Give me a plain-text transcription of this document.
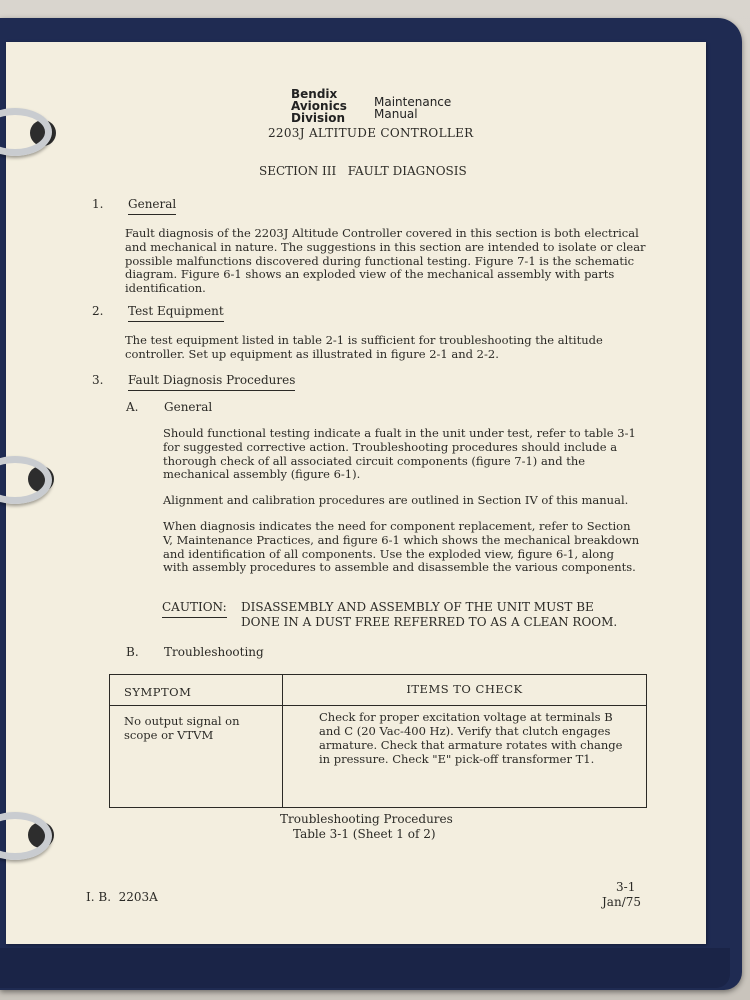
Bendix
Avionics
Division
Maintenance
Manual
2203J ALTITUDE CONTROLLER
SECTION III   FAULT DIAGNOSIS
1. General
Fault diagnosis of the 2203J Altitude Controller covered in this section is both electrical and mechanical in nature. The suggestions in this section are intended to isolate or clear possible malfunctions discovered during functional testing. Figure 7-1 is the schematic diagram. Figure 6-1 shows an exploded view of the mechanical assembly with parts identification.
2. Test Equipment
The test equipment listed in table 2-1 is sufficient for troubleshooting the altitude controller. Set up equipment as illustrated in figure 2-1 and 2-2.
3. Fault Diagnosis Procedures
A. General
Should functional testing indicate a fualt in the unit under test, refer to table 3-1 for suggested corrective action. Troubleshooting procedures should include a thorough check of all associated circuit components (figure 7-1) and the mechanical assembly (figure 6-1).
Alignment and calibration procedures are outlined in Section IV of this manual.
When diagnosis indicates the need for component replacement, refer to Section V, Maintenance Practices, and figure 6-1 which shows the mechanical breakdown and identification of all components. Use the exploded view, figure 6-1, along with assembly procedures to assemble and disassemble the various components.
CAUTION: DISASSEMBLY AND ASSEMBLY OF THE UNIT MUST BE
DONE IN A DUST FREE REFERRED TO AS A CLEAN ROOM.
B. Troubleshooting
SYMPTOM	ITEMS TO CHECK

No output signal on scope or VTVM	Check for proper excitation voltage at terminals B and C (20 Vac-400 Hz). Verify that clutch engages armature. Check that armature rotates with change in pressure. Check "E" pick-off transformer T1.
Troubleshooting Procedures
Table 3-1 (Sheet 1 of 2)
I. B.  2203A
3-1
Jan/75
